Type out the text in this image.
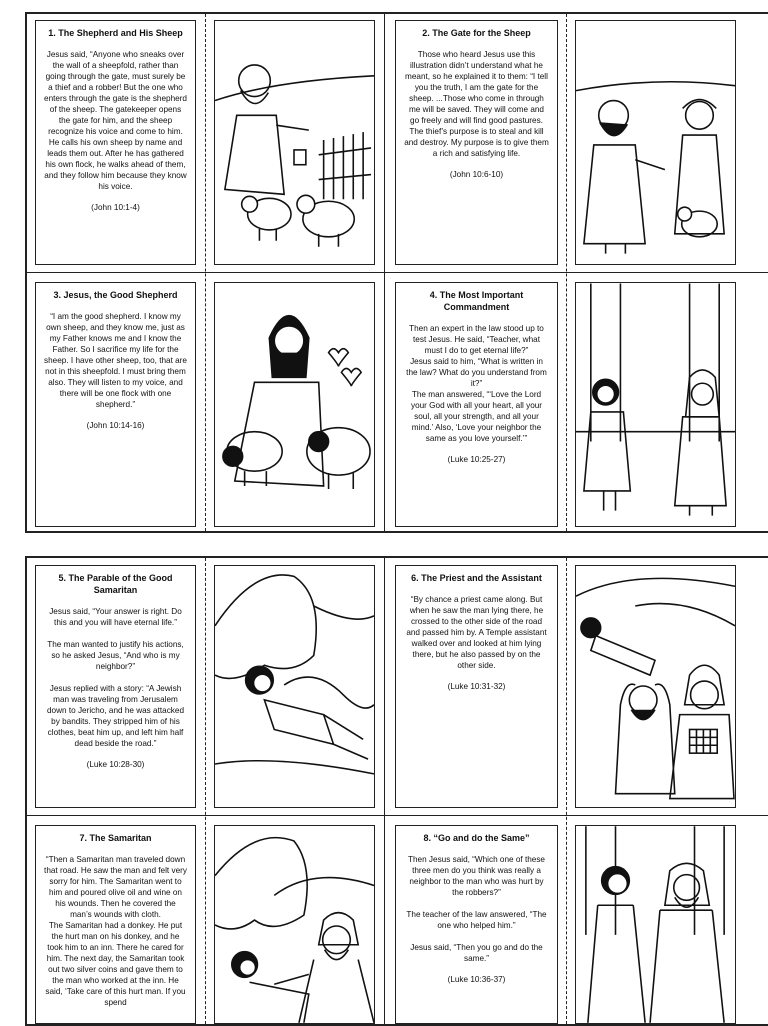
1. The Shepherd and His Sheep
Jesus said, “Anyone who sneaks over the wall of a sheepfold, rather than going through the gate, must surely be a thief and a robber! But the one who enters through the gate is the shepherd of the sheep. The gatekeeper opens the gate for him, and the sheep recognize his voice and come to him. He calls his own sheep by name and leads them out. After he has gathered his own flock, he walks ahead of them, and they follow him because they know his voice.
(John 10:1-4)
2. The Gate for the Sheep
Those who heard Jesus use this illustration didn’t understand what he meant, so he explained it to them: “I tell you the truth, I am the gate for the sheep. ...Those who come in through me will be saved. They will come and go freely and will find good pastures. The thief’s purpose is to steal and kill and destroy. My purpose is to give them a rich and satisfying life.
(John 10:6-10)
3. Jesus, the Good Shepherd
“I am the good shepherd. I know my own sheep, and they know me, just as my Father knows me and I know the Father. So I sacrifice my life for the sheep. I have other sheep, too, that are not in this sheepfold. I must bring them also. They will listen to my voice, and there will be one flock with one shepherd.”
(John 10:14-16)
4. The Most Important Commandment
Then an expert in the law stood up to test Jesus. He said, “Teacher, what must I do to get eternal life?”
Jesus said to him, “What is written in the law? What do you understand from it?”
The man answered, “‘Love the Lord your God with all your heart, all your soul, all your strength, and all your mind.’ Also, ‘Love your neighbor the same as you love yourself.’”
(Luke 10:25-27)
5. The Parable of the Good Samaritan
Jesus said, “Your answer is right. Do this and you will have eternal life.”

The man wanted to justify his actions, so he asked Jesus, “And who is my neighbor?”

Jesus replied with a story: “A Jewish man was traveling from Jerusalem down to Jericho, and he was attacked by bandits. They stripped him of his clothes, beat him up, and left him half dead beside the road.”
(Luke 10:28-30)
6. The Priest and the Assistant
“By chance a priest came along. But when he saw the man lying there, he crossed to the other side of the road and passed him by. A Temple assistant walked over and looked at him lying there, but he also passed by on the other side.
(Luke 10:31-32)
7. The Samaritan
“Then a Samaritan man traveled down that road. He saw the man and felt very sorry for him. The Samaritan went to him and poured olive oil and wine on his wounds. Then he covered the man’s wounds with cloth.
The Samaritan had a donkey. He put the hurt man on his donkey, and he took him to an inn. There he cared for him. The next day, the Samaritan took out two silver coins and gave them to the man who worked at the inn. He said, ‘Take care of this hurt man. If you spend
8. “Go and do the Same”
Then Jesus said, “Which one of these three men do you think was really a neighbor to the man who was hurt by the robbers?”

The teacher of the law answered, “The one who helped him.”

Jesus said, “Then you go and do the same.”
(Luke 10:36-37)
